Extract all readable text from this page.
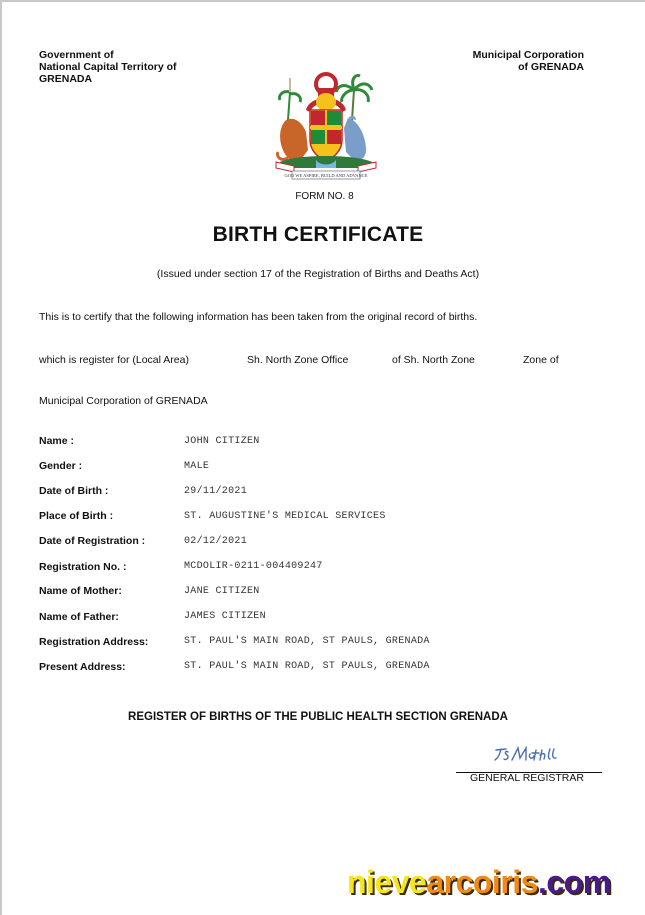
Government of
National Capital Territory of
GRENADA
Municipal Corporation
of GRENADA
GOD WE ASPIRE, BUILD AND ADVANCE
FORM NO. 8
BIRTH CERTIFICATE
(Issued under section 17 of the Registration of Births and Deaths Act)
This is to certify that the following information has been taken from the original record of births.
which is register for (Local Area)	Sh. North Zone Office	of Sh. North Zone	Zone of
Municipal Corporation of GRENADA
Name :	JOHN CITIZEN
Gender :	MALE
Date of Birth :	29/11/2021
Place of Birth :	ST. AUGUSTINE'S MEDICAL SERVICES
Date of Registration :	02/12/2021
Registration No. :	MCDOLIR-0211-004409247
Name of Mother:	JANE CITIZEN
Name of Father:	JAMES CITIZEN
Registration Address:	ST. PAUL'S MAIN ROAD, ST PAULS, GRENADA
Present Address:	ST. PAUL'S MAIN ROAD, ST PAULS, GRENADA
REGISTER OF BIRTHS OF THE PUBLIC HEALTH SECTION GRENADA
GENERAL REGISTRAR
nievearcoiris.com
